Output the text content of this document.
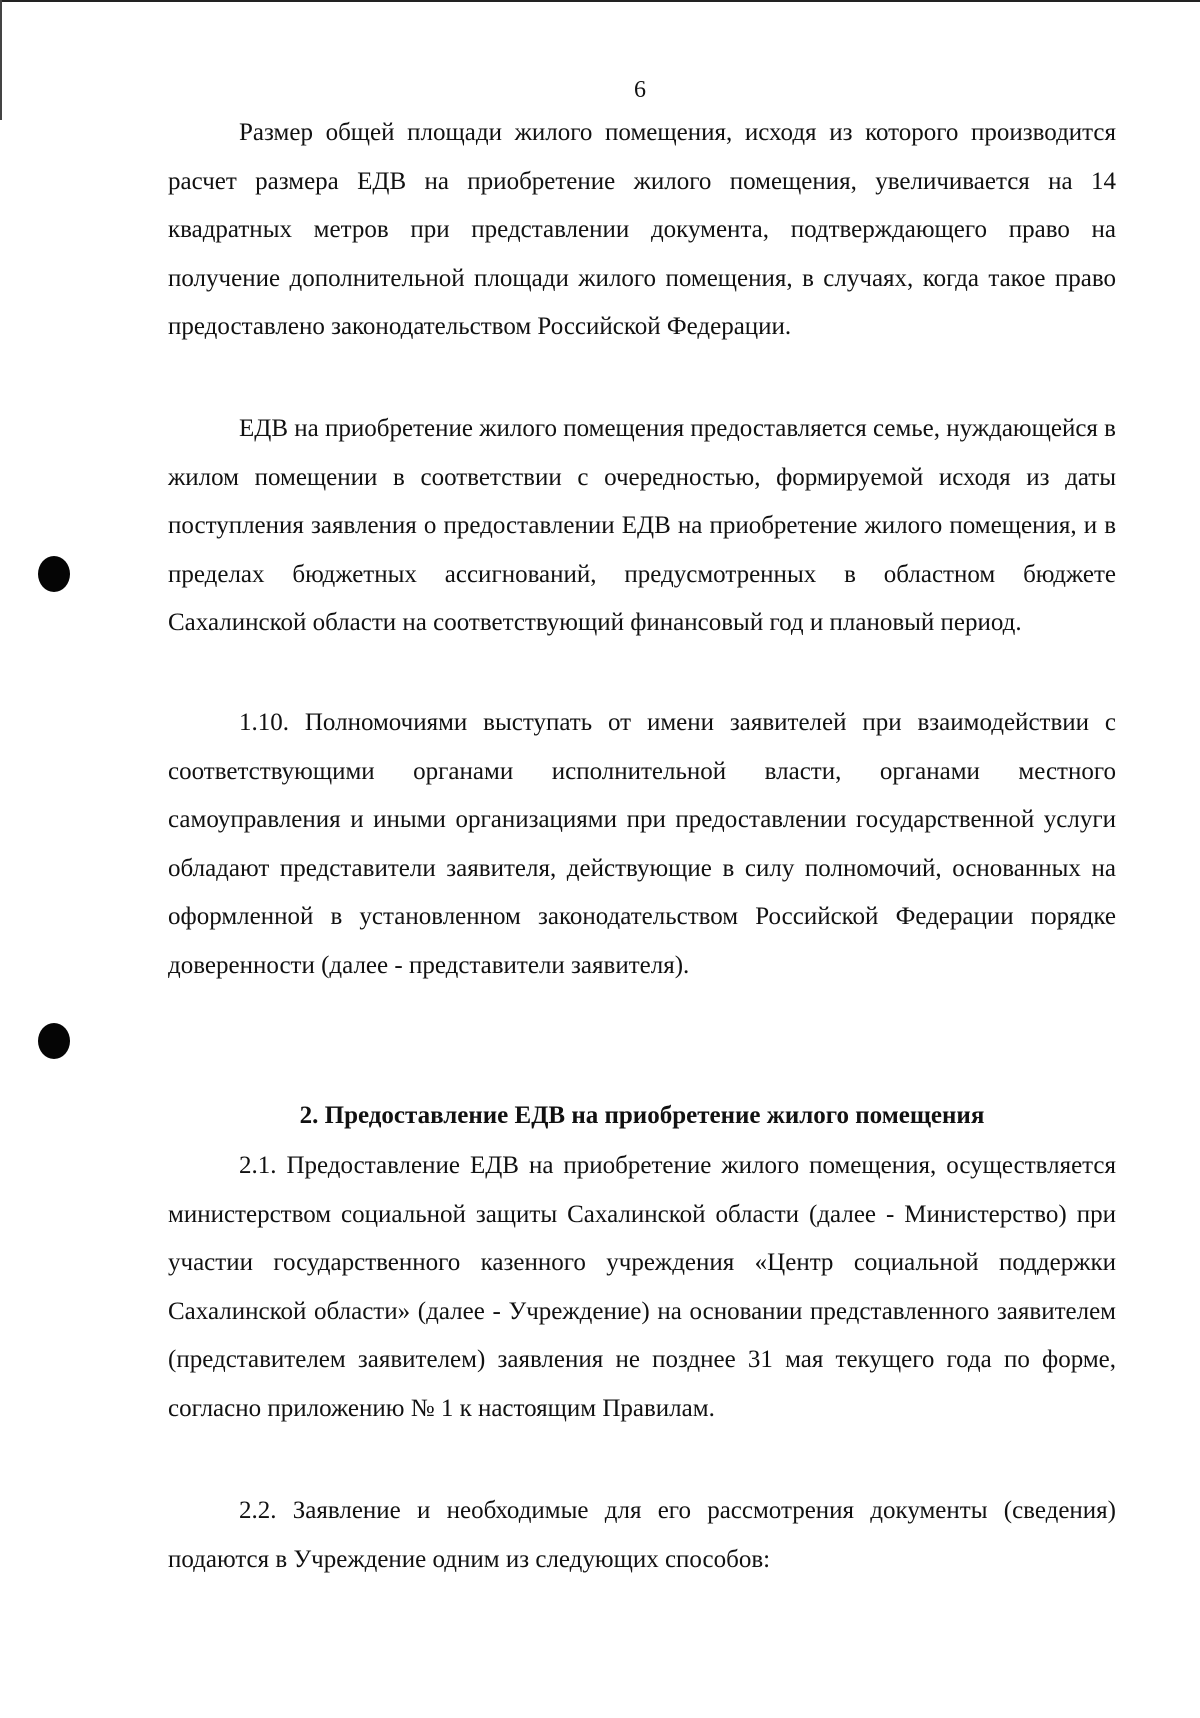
6

Размер общей площади жилого помещения, исходя из которого производится расчет размера ЕДВ на приобретение жилого помещения, увеличивается на 14 квадратных метров при представлении документа, подтверждающего право на получение дополнительной площади жилого помещения, в случаях, когда такое право предоставлено законодательством Российской Федерации.

ЕДВ на приобретение жилого помещения предоставляется семье, нуждающейся в жилом помещении в соответствии с очередностью, формируемой исходя из даты поступления заявления о предоставлении ЕДВ на приобретение жилого помещения, и в пределах бюджетных ассигнований, предусмотренных в областном бюджете Сахалинской области на соответствующий финансовый год и плановый период.

1.10. Полномочиями выступать от имени заявителей при взаимодействии с соответствующими органами исполнительной власти, органами местного самоуправления и иными организациями при предоставлении государственной услуги обладают представители заявителя, действующие в силу полномочий, основанных на оформленной в установленном законодательством Российской Федерации порядке доверенности (далее - представители заявителя).

2. Предоставление ЕДВ на приобретение жилого помещения

2.1. Предоставление ЕДВ на приобретение жилого помещения, осуществляется министерством социальной защиты Сахалинской области (далее - Министерство) при участии государственного казенного учреждения «Центр социальной поддержки Сахалинской области» (далее - Учреждение) на основании представленного заявителем (представителем заявителем) заявления не позднее 31 мая текущего года по форме, согласно приложению № 1 к настоящим Правилам.

2.2. Заявление и необходимые для его рассмотрения документы (сведения) подаются в Учреждение одним из следующих способов:
